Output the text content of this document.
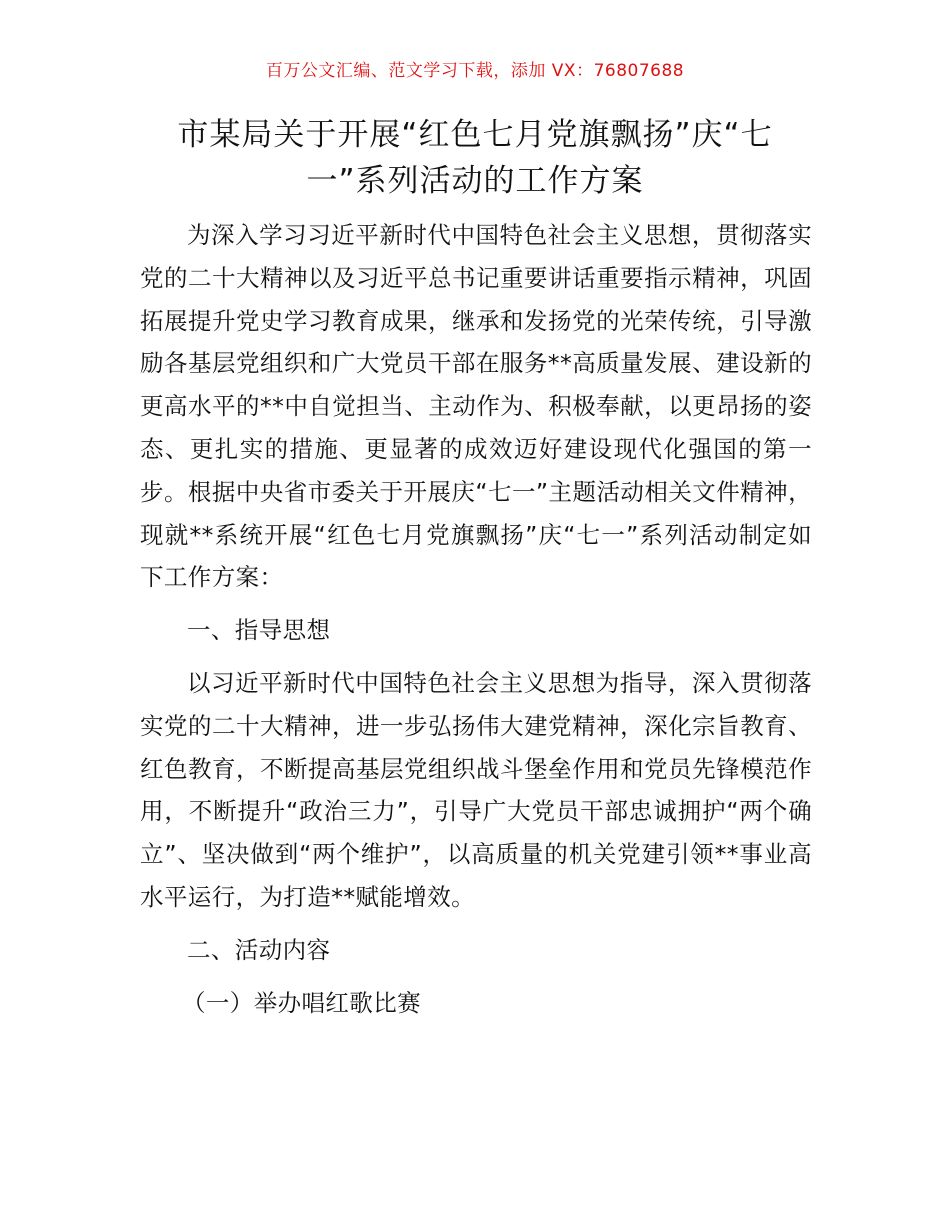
百万公文汇编、范文学习下载，添加 VX：76807688
市某局关于开展“红色七月党旗飘扬”庆“七一”系列活动的工作方案

为深入学习习近平新时代中国特色社会主义思想，贯彻落实党的二十大精神以及习近平总书记重要讲话重要指示精神，巩固拓展提升党史学习教育成果，继承和发扬党的光荣传统，引导激励各基层党组织和广大党员干部在服务**高质量发展、建设新的更高水平的**中自觉担当、主动作为、积极奉献，以更昂扬的姿态、更扎实的措施、更显著的成效迈好建设现代化强国的第一步。根据中央省市委关于开展庆“七一”主题活动相关文件精神，现就**系统开展“红色七月党旗飘扬”庆“七一”系列活动制定如下工作方案：

一、指导思想

以习近平新时代中国特色社会主义思想为指导，深入贯彻落实党的二十大精神，进一步弘扬伟大建党精神，深化宗旨教育、红色教育，不断提高基层党组织战斗堡垒作用和党员先锋模范作用，不断提升“政治三力”，引导广大党员干部忠诚拥护“两个确立”、坚决做到“两个维护”，以高质量的机关党建引领**事业高水平运行，为打造**赋能增效。

二、活动内容

（一）举办唱红歌比赛
